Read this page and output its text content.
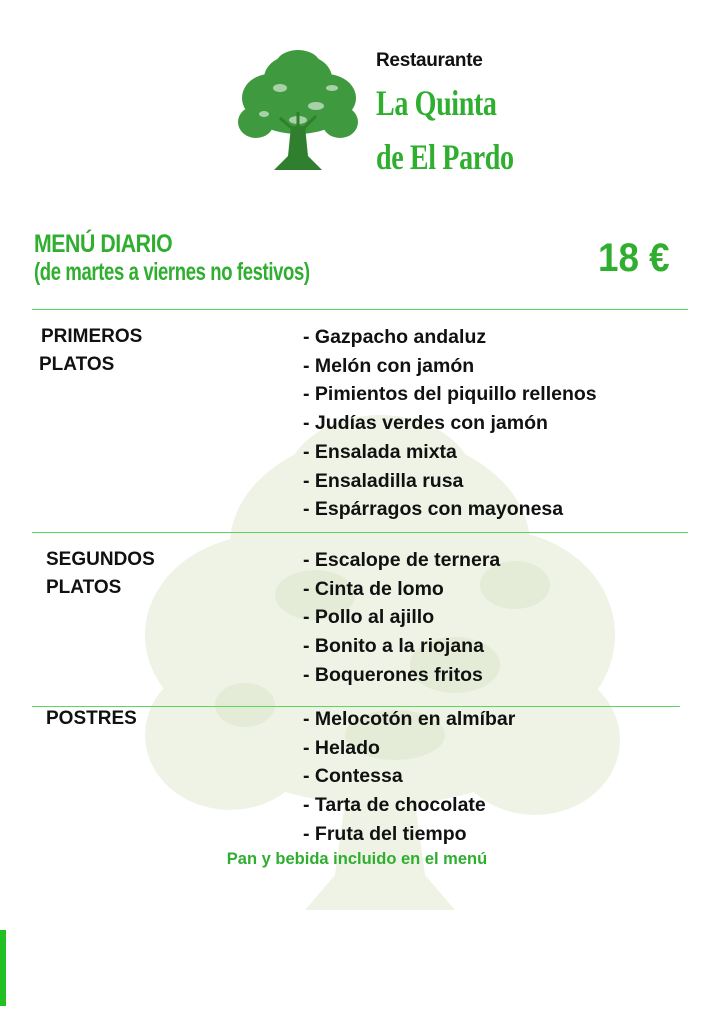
Restaurante
La Quinta
de El Pardo
MENÚ DIARIO
(de martes a viernes no festivos)	18 €
PRIMEROS
PLATOS
- Gazpacho andaluz
- Melón con jamón
- Pimientos del piquillo rellenos
- Judías verdes con jamón
- Ensalada mixta
- Ensaladilla rusa
- Espárragos con mayonesa
SEGUNDOS
PLATOS
- Escalope de ternera
- Cinta de lomo
- Pollo al ajillo
- Bonito a la riojana
- Boquerones fritos
POSTRES	- Melocotón en almíbar
- Helado
- Contessa
- Tarta de chocolate
- Fruta del tiempo
Pan y bebida incluido en el menú
